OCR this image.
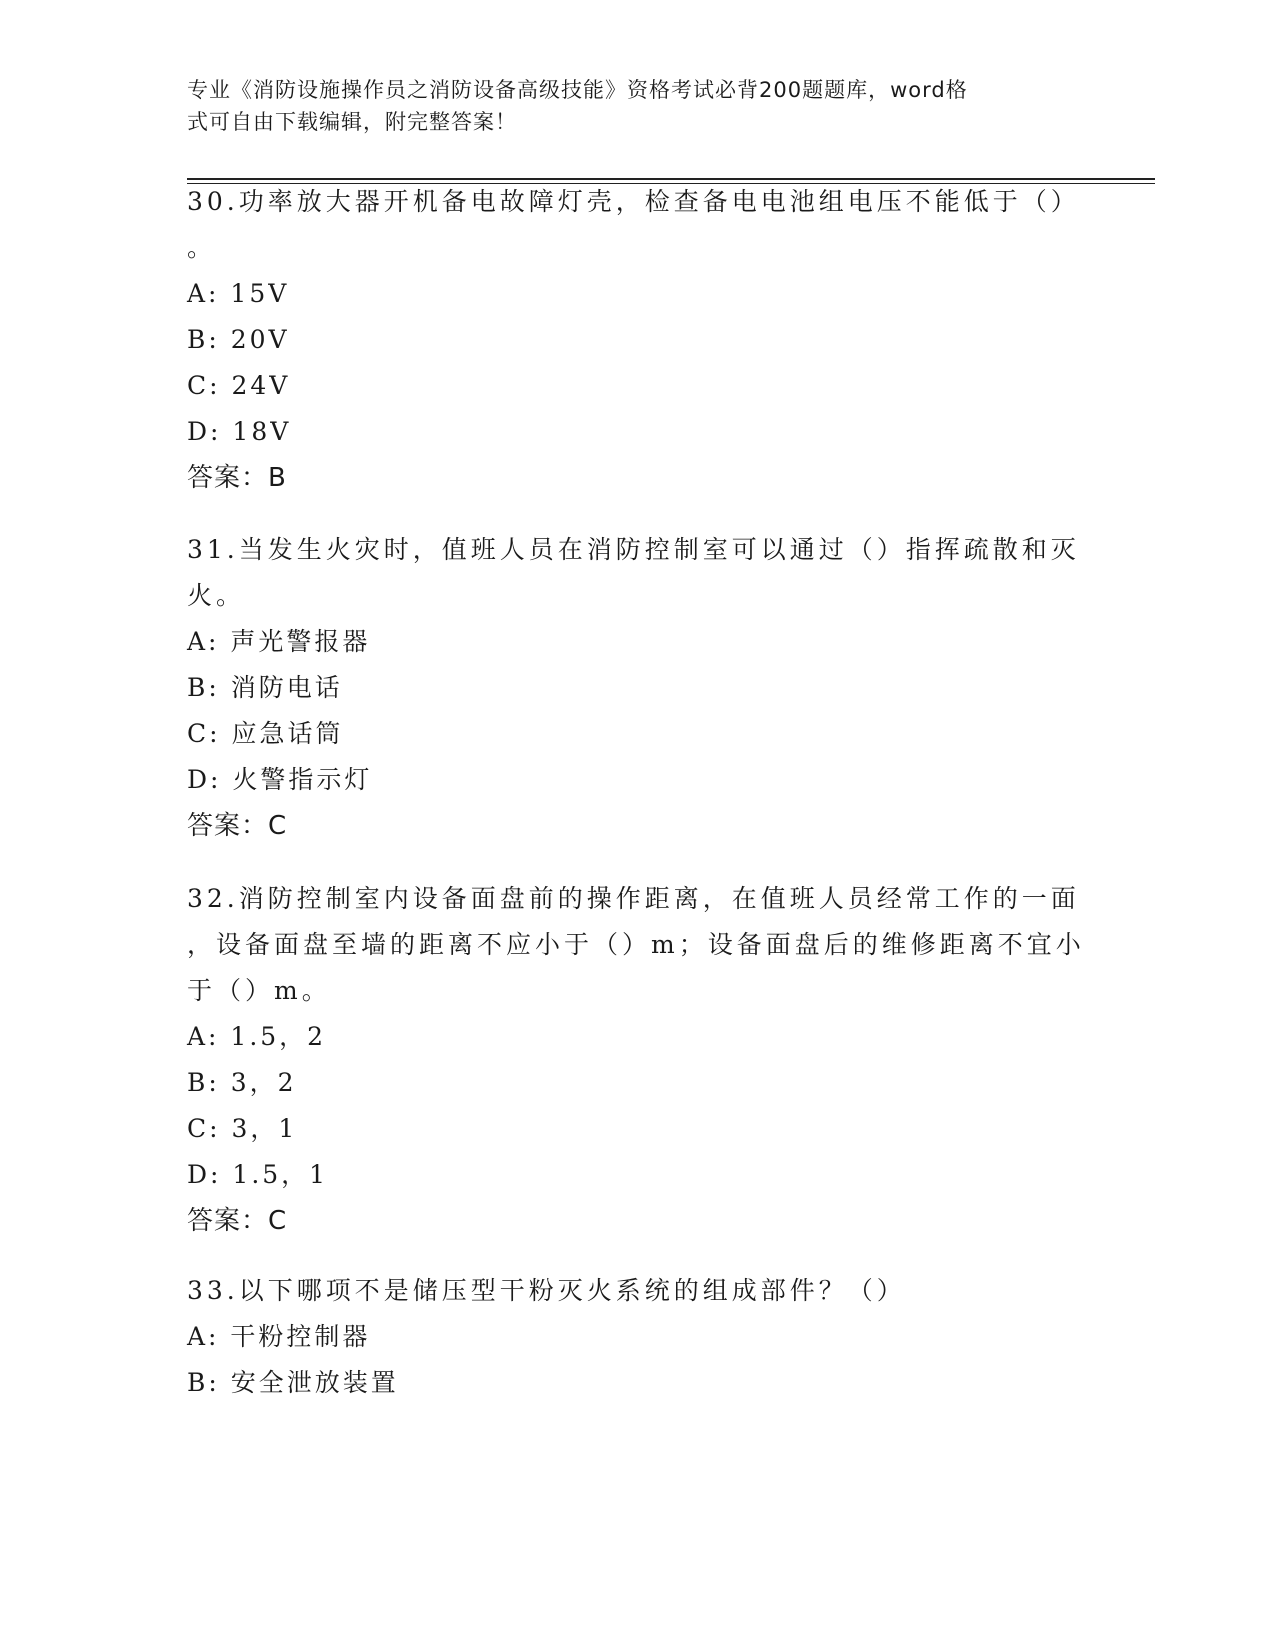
专业《消防设施操作员之消防设备高级技能》资格考试必背200题题库，word格
式可自由下载编辑，附完整答案！
30.功率放大器开机备电故障灯壳，检查备电电池组电压不能低于（）
。
A: 15V
B: 20V
C: 24V
D: 18V
答案：B
31.当发生火灾时，值班人员在消防控制室可以通过（）指挥疏散和灭
火。
A: 声光警报器
B: 消防电话
C: 应急话筒
D: 火警指示灯
答案：C
32.消防控制室内设备面盘前的操作距离，在值班人员经常工作的一面
，设备面盘至墙的距离不应小于（）m；设备面盘后的维修距离不宜小
于（）m。
A: 1.5，2
B: 3，2
C: 3，1
D: 1.5，1
答案：C
33.以下哪项不是储压型干粉灭火系统的组成部件？（）
A: 干粉控制器
B: 安全泄放装置
